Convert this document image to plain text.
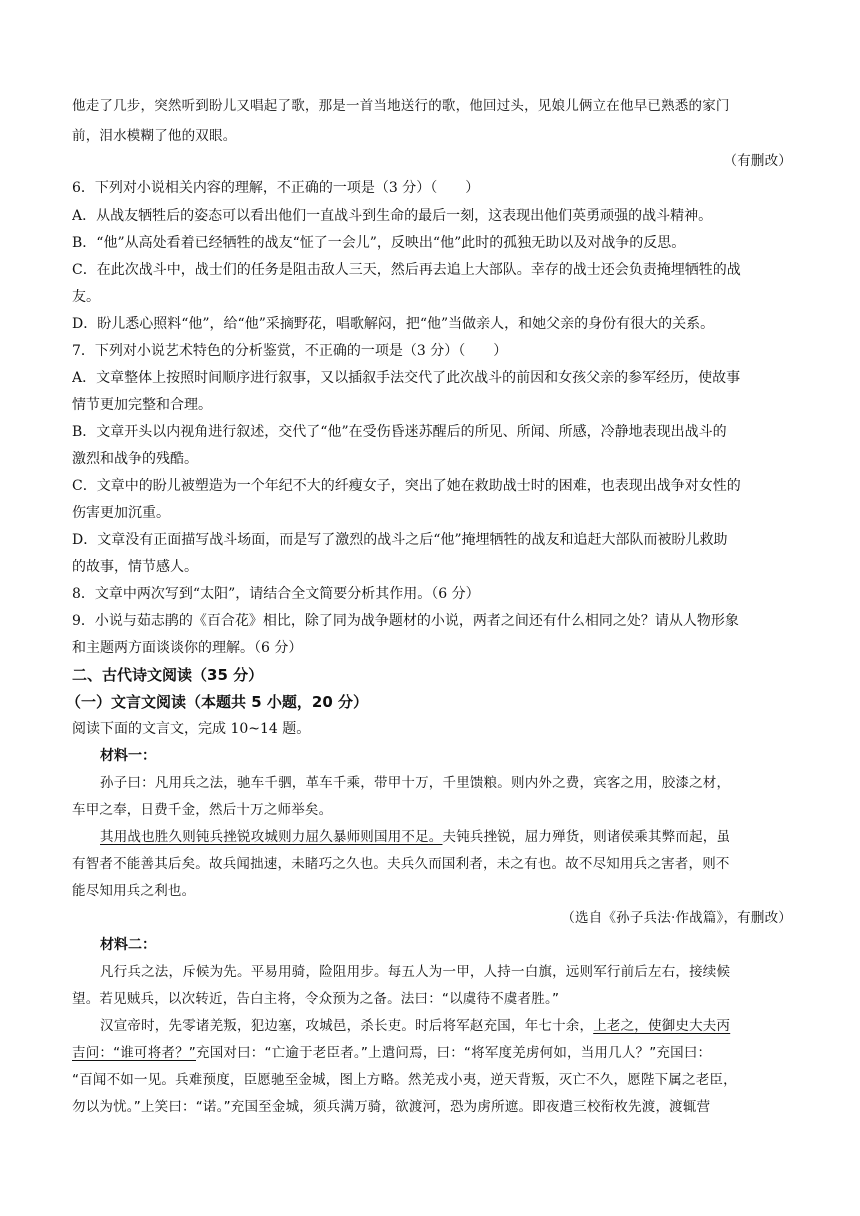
他走了几步，突然听到盼儿又唱起了歌，那是一首当地送行的歌，他回过头，见娘儿俩立在他早已熟悉的家门
前，泪水模糊了他的双眼。
（有删改）
6．下列对小说相关内容的理解，不正确的一项是（3 分）（　　）
A．从战友牺牲后的姿态可以看出他们一直战斗到生命的最后一刻，这表现出他们英勇顽强的战斗精神。
B．“他”从高处看着已经牺牲的战友“怔了一会儿”，反映出“他”此时的孤独无助以及对战争的反思。
C．在此次战斗中，战士们的任务是阻击敌人三天，然后再去追上大部队。幸存的战士还会负责掩埋牺牲的战
友。
D．盼儿悉心照料“他”，给“他”采摘野花，唱歌解闷，把“他”当做亲人，和她父亲的身份有很大的关系。
7．下列对小说艺术特色的分析鉴赏，不正确的一项是（3 分）（　　）
A．文章整体上按照时间顺序进行叙事，又以插叙手法交代了此次战斗的前因和女孩父亲的参军经历，使故事
情节更加完整和合理。
B．文章开头以内视角进行叙述，交代了“他”在受伤昏迷苏醒后的所见、所闻、所感，冷静地表现出战斗的
激烈和战争的残酷。
C．文章中的盼儿被塑造为一个年纪不大的纤瘦女子，突出了她在救助战士时的困难，也表现出战争对女性的
伤害更加沉重。
D．文章没有正面描写战斗场面，而是写了激烈的战斗之后“他”掩埋牺牲的战友和追赶大部队而被盼儿救助
的故事，情节感人。
8．文章中两次写到“太阳”，请结合全文简要分析其作用。（6 分）
9．小说与茹志鹃的《百合花》相比，除了同为战争题材的小说，两者之间还有什么相同之处？请从人物形象
和主题两方面谈谈你的理解。（6 分）
二、古代诗文阅读（35 分）
（一）文言文阅读（本题共 5 小题，20 分）
阅读下面的文言文，完成 10~14 题。
材料一：
孙子曰：凡用兵之法，驰车千驷，革车千乘，带甲十万，千里馈粮。则内外之费，宾客之用，胶漆之材，
车甲之奉，日费千金，然后十万之师举矣。
其用战也胜久则钝兵挫锐攻城则力屈久暴师则国用不足。夫钝兵挫锐，屈力殚货，则诸侯乘其弊而起，虽
有智者不能善其后矣。故兵闻拙速，未睹巧之久也。夫兵久而国利者，未之有也。故不尽知用兵之害者，则不
能尽知用兵之利也。
（选自《孙子兵法·作战篇》，有删改）
材料二：
凡行兵之法，斥候为先。平易用骑，险阻用步。每五人为一甲，人持一白旗，远则军行前后左右，接续候
望。若见贼兵，以次转近，告白主将，令众预为之备。法曰：“以虞待不虞者胜。”
汉宣帝时，先零诸羌叛，犯边塞，攻城邑，杀长吏。时后将军赵充国，年七十余，上老之，使御史大夫丙
吉问：“谁可将者？”充国对曰：“亡逾于老臣者。”上遣问焉，曰：“将军度羌虏何如，当用几人？”充国曰：
“百闻不如一见。兵难预度，臣愿驰至金城，图上方略。然羌戎小夷，逆天背叛，灭亡不久，愿陛下属之老臣，
勿以为忧。”上笑曰：“诺。”充国至金城，须兵满万骑，欲渡河，恐为虏所遮。即夜遣三校衔枚先渡，渡辄营
